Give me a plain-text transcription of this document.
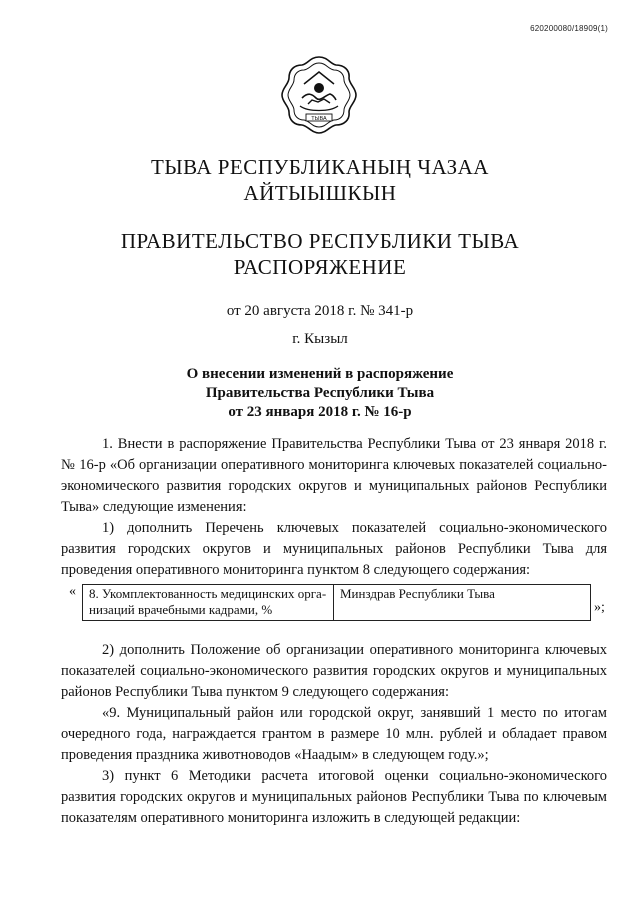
620200080/18909(1)
ТЫВА
ТЫВА РЕСПУБЛИКАНЫҢ ЧАЗАА
АЙТЫЫШКЫН
ПРАВИТЕЛЬСТВО РЕСПУБЛИКИ ТЫВА
РАСПОРЯЖЕНИЕ
от 20 августа 2018 г. № 341-р
г. Кызыл
О внесении изменений в распоряжение
Правительства Республики Тыва
от 23 января 2018 г. № 16-р
1. Внести в распоряжение Правительства Республики Тыва от 23 января 2018 г. № 16-р «Об организации оперативного мониторинга ключевых показателей социально-экономического развития городских округов и муниципальных районов Республики Тыва» следующие изменения:
1) дополнить Перечень ключевых показателей социально-экономического развития городских округов и муниципальных районов Республики Тыва для проведения оперативного мониторинга пунктом 8 следующего содержания:
« 8. Укомплектованность медицинских орга-
низаций врачебными кадрами, %
	Минздрав Республики Тыва
»;
2) дополнить Положение об организации оперативного мониторинга ключевых показателей социально-экономического развития городских округов и муниципальных районов Республики Тыва пунктом 9 следующего содержания:
«9. Муниципальный район или городской округ, занявший 1 место по итогам очередного года, награждается грантом в размере 10 млн. рублей и обладает правом проведения праздника животноводов «Наадым» в следующем году.»;
3) пункт 6 Методики расчета итоговой оценки социально-экономического развития городских округов и муниципальных районов Республики Тыва по ключевым показателям оперативного мониторинга изложить в следующей редакции:
